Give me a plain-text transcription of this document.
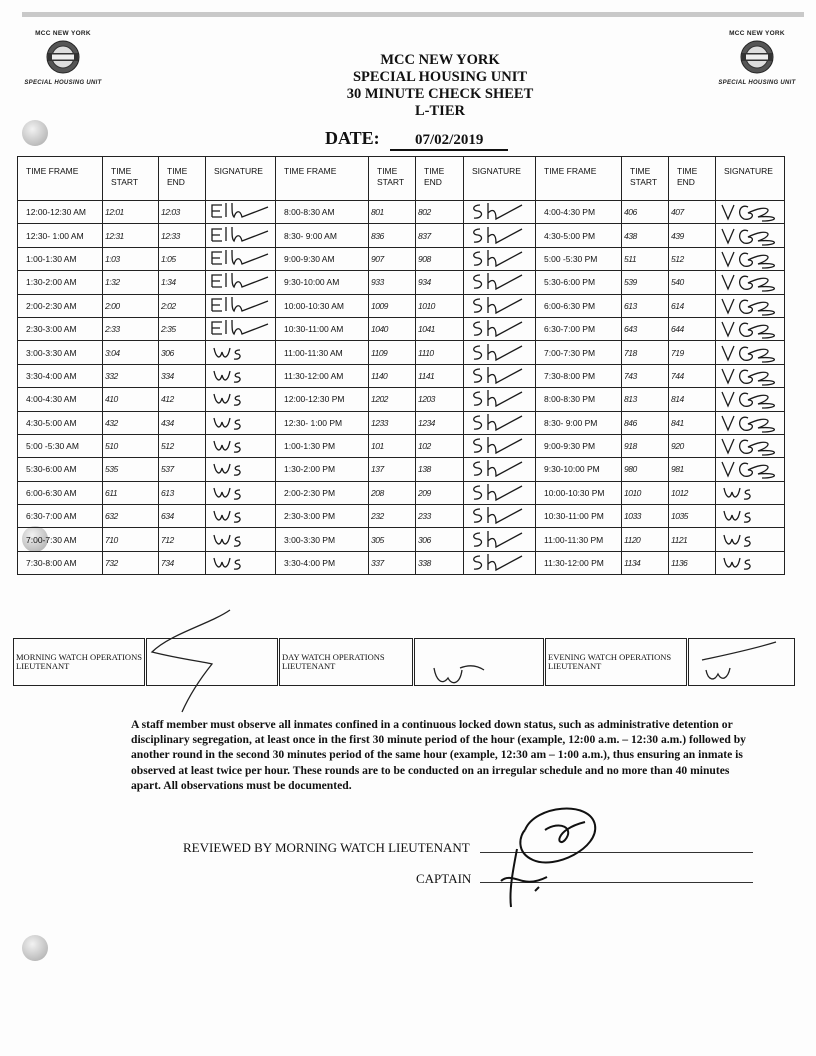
MCC NEW YORK
SPECIAL HOUSING UNIT
MCC NEW YORK
SPECIAL HOUSING UNIT
MCC NEW YORK
SPECIAL HOUSING UNIT
30 MINUTE CHECK SHEET
L-TIER
DATE: 07/02/2019
TIME FRAME	TIME START	TIME END	SIGNATURE	TIME FRAME	TIME START	TIME END	SIGNATURE	TIME FRAME	TIME START	TIME END	SIGNATURE
12:00-12:30 AM	12:01	12:03		8:00-8:30 AM	801	802		4:00-4:30 PM	406	407	

12:30- 1:00 AM	12:31	12:33		8:30- 9:00 AM	836	837		4:30-5:00 PM	438	439	

1:00-1:30 AM	1:03	1:05		9:00-9:30 AM	907	908		5:00 -5:30 PM	511	512	

1:30-2:00 AM	1:32	1:34		9:30-10:00 AM	933	934		5:30-6:00 PM	539	540	

2:00-2:30 AM	2:00	2:02		10:00-10:30 AM	1009	1010		6:00-6:30 PM	613	614	

2:30-3:00 AM	2:33	2:35		10:30-11:00 AM	1040	1041		6:30-7:00 PM	643	644	

3:00-3:30 AM	3:04	306		11:00-11:30 AM	1109	1110		7:00-7:30 PM	718	719	

3:30-4:00 AM	332	334		11:30-12:00 AM	1140	1141		7:30-8:00 PM	743	744	

4:00-4:30 AM	410	412		12:00-12:30 PM	1202	1203		8:00-8:30 PM	813	814	

4:30-5:00 AM	432	434		12:30- 1:00 PM	1233	1234		8:30- 9:00 PM	846	841	

5:00 -5:30 AM	510	512		1:00-1:30 PM	101	102		9:00-9:30 PM	918	920	

5:30-6:00 AM	535	537		1:30-2:00 PM	137	138		9:30-10:00 PM	980	981	

6:00-6:30 AM	611	613		2:00-2:30 PM	208	209		10:00-10:30 PM	1010	1012	

6:30-7:00 AM	632	634		2:30-3:00 PM	232	233		10:30-11:00 PM	1033	1035	

7:00-7:30 AM	710	712		3:00-3:30 PM	305	306		11:00-11:30 PM	1120	1121	

7:30-8:00 AM	732	734		3:30-4:00 PM	337	338		11:30-12:00 PM	1134	1136	
MORNING WATCH OPERATIONS LIEUTENANT		DAY WATCH OPERATIONS LIEUTENANT		EVENING WATCH OPERATIONS LIEUTENANT	
A staff member must observe all inmates confined in a continuous locked down status, such as administrative detention or disciplinary segregation, at least once in the first 30 minute period of the hour (example, 12:00 a.m. – 12:30 a.m.) followed by another round in the second 30 minutes period of the same hour (example, 12:30 am – 1:00 a.m.), thus ensuring an inmate is observed at least twice per hour. These rounds are to be conducted on an irregular schedule and no more than 40 minutes apart. All observations must be documented.
REVIEWED BY MORNING WATCH LIEUTENANT
CAPTAIN
